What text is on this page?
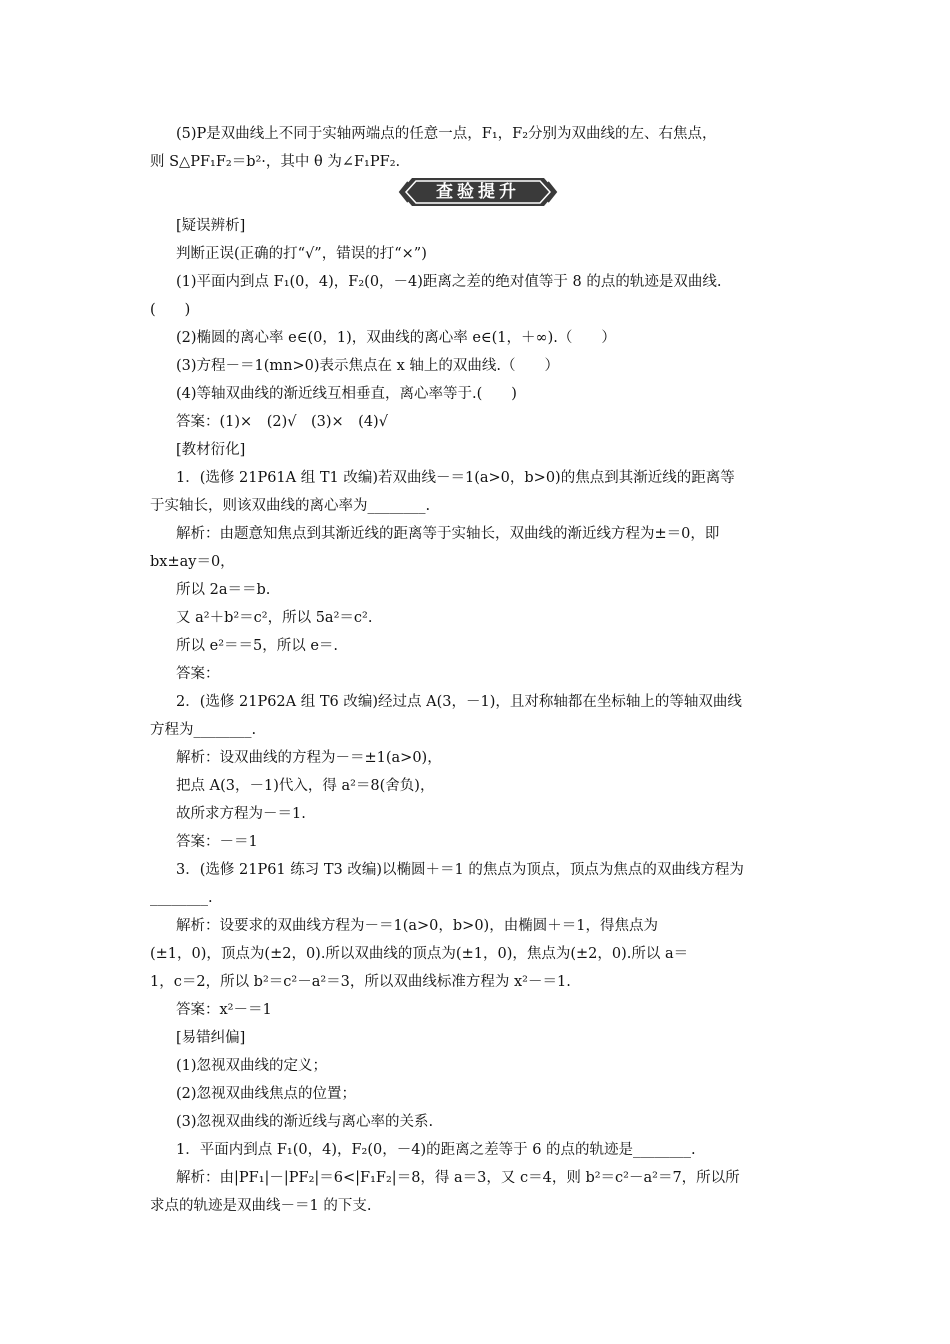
(5)P是双曲线上不同于实轴两端点的任意一点，F₁，F₂分别为双曲线的左、右焦点，
则 S△PF₁F₂＝b²·，其中 θ 为∠F₁PF₂.
查验提升
[疑误辨析]
判断正误(正确的打“√”，错误的打“×”)
(1)平面内到点 F₁(0，4)，F₂(0，－4)距离之差的绝对值等于 8 的点的轨迹是双曲线.
(　　)
(2)椭圆的离心率 e∈(0，1)，双曲线的离心率 e∈(1，＋∞).（　　）
(3)方程－＝1(mn>0)表示焦点在 x 轴上的双曲线.（　　）
(4)等轴双曲线的渐近线互相垂直，离心率等于.(　　)
答案：(1)×　(2)√　(3)×　(4)√
[教材衍化]
1．(选修 21P61A 组 T1 改编)若双曲线－＝1(a>0，b>0)的焦点到其渐近线的距离等
于实轴长，则该双曲线的离心率为________.
解析：由题意知焦点到其渐近线的距离等于实轴长，双曲线的渐近线方程为±＝0，即
bx±ay＝0，
所以 2a＝＝b.
又 a²＋b²＝c²，所以 5a²＝c².
所以 e²＝＝5，所以 e＝.
答案：
2．(选修 21P62A 组 T6 改编)经过点 A(3，－1)，且对称轴都在坐标轴上的等轴双曲线
方程为________.
解析：设双曲线的方程为－＝±1(a>0)，
把点 A(3，－1)代入，得 a²＝8(舍负)，
故所求方程为－＝1.
答案：－＝1
3．(选修 21P61 练习 T3 改编)以椭圆＋＝1 的焦点为顶点，顶点为焦点的双曲线方程为
________.
解析：设要求的双曲线方程为－＝1(a>0，b>0)，由椭圆＋＝1，得焦点为
(±1，0)，顶点为(±2，0).所以双曲线的顶点为(±1，0)，焦点为(±2，0).所以 a＝
1，c＝2，所以 b²＝c²－a²＝3，所以双曲线标准方程为 x²－＝1.
答案：x²－＝1
[易错纠偏]
(1)忽视双曲线的定义；
(2)忽视双曲线焦点的位置；
(3)忽视双曲线的渐近线与离心率的关系.
1．平面内到点 F₁(0，4)，F₂(0，－4)的距离之差等于 6 的点的轨迹是________.
解析：由|PF₁|－|PF₂|＝6<|F₁F₂|＝8，得 a＝3，又 c＝4，则 b²＝c²－a²＝7，所以所
求点的轨迹是双曲线－＝1 的下支.
